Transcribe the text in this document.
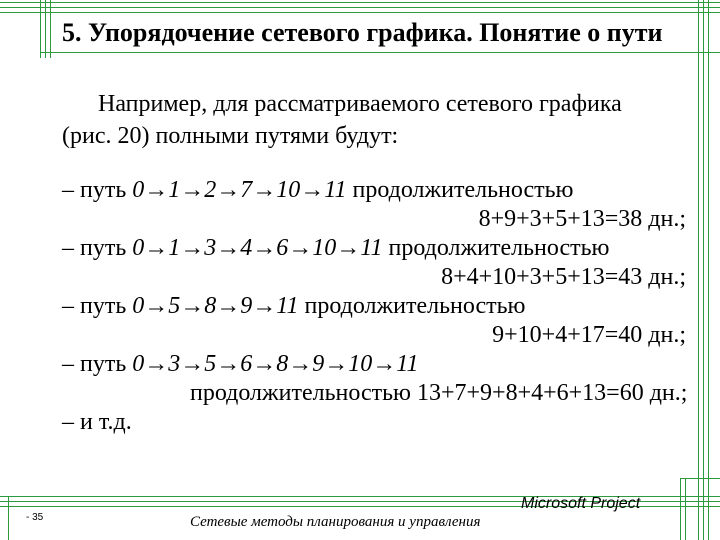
5. Упорядочение сетевого графика. Понятие о пути
Например, для рассматриваемого сетевого графика
(рис. 20) полными путями будут:
– путь 0→1→2→7→10→11 продолжительностью
8+9+3+5+13=38 дн.;
– путь 0→1→3→4→6→10→11 продолжительностью
8+4+10+3+5+13=43 дн.;
– путь 0→5→8→9→11 продолжительностью
9+10+4+17=40 дн.;
– путь 0→3→5→6→8→9→10→11
продолжительностью 13+7+9+8+4+6+13=60 дн.;
– и т.д.
- 35	Сетевые методы планирования и управления
Microsoft Project
